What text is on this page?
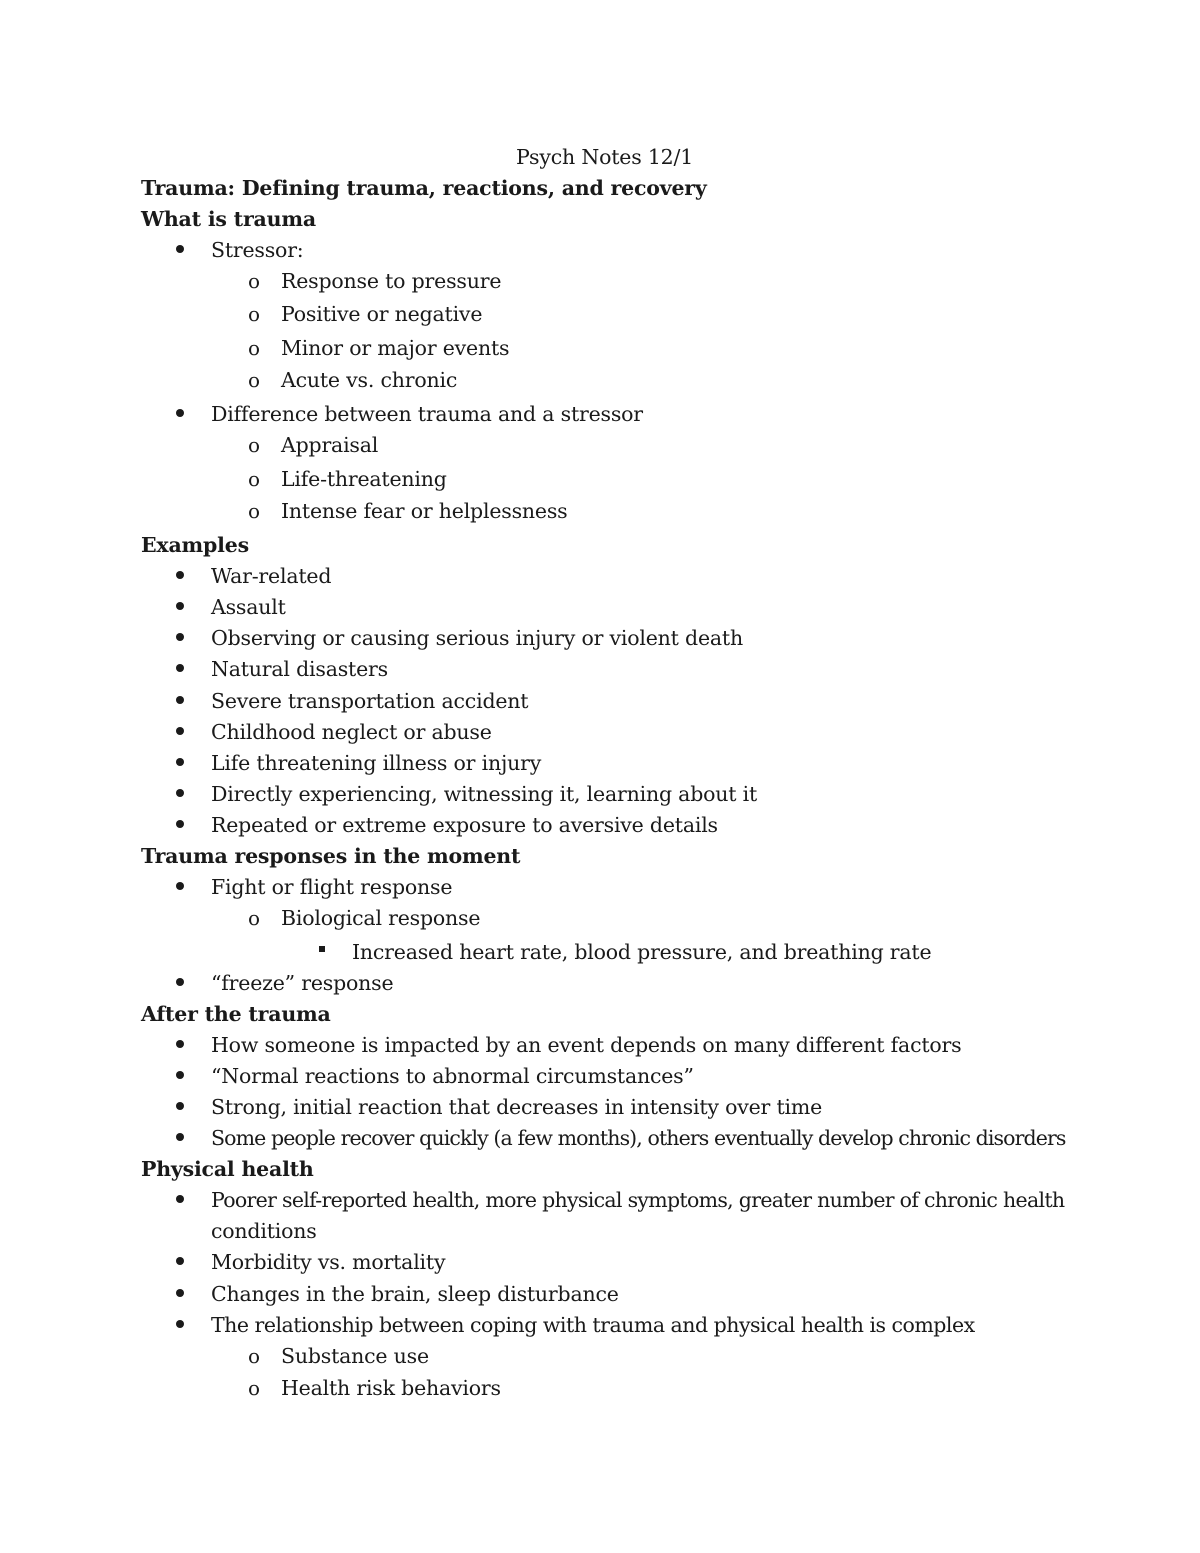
Psych Notes 12/1
Trauma: Defining trauma, reactions, and recovery
What is trauma
Stressor:
o Response to pressure
o Positive or negative
o Minor or major events
o Acute vs. chronic
Difference between trauma and a stressor
o Appraisal
o Life-threatening
o Intense fear or helplessness
Examples
War-related
Assault
Observing or causing serious injury or violent death
Natural disasters
Severe transportation accident
Childhood neglect or abuse
Life threatening illness or injury
Directly experiencing, witnessing it, learning about it
Repeated or extreme exposure to aversive details
Trauma responses in the moment
Fight or flight response
o Biological response
Increased heart rate, blood pressure, and breathing rate
“freeze” response
After the trauma
How someone is impacted by an event depends on many different factors
“Normal reactions to abnormal circumstances”
Strong, initial reaction that decreases in intensity over time
Some people recover quickly (a few months), others eventually develop chronic disorders
Physical health
Poorer self-reported health, more physical symptoms, greater number of chronic health
conditions
Morbidity vs. mortality
Changes in the brain, sleep disturbance
The relationship between coping with trauma and physical health is complex
o Substance use
o Health risk behaviors
